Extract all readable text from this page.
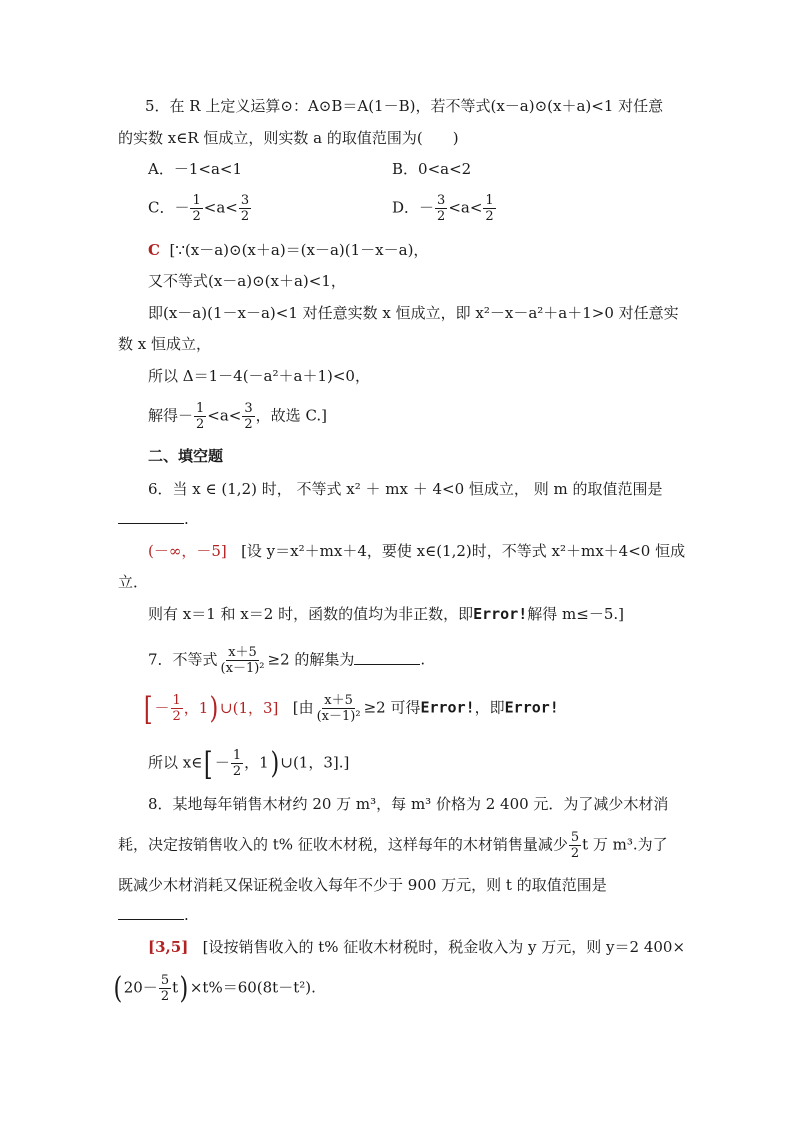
5．在 R 上定义运算⊙：A⊙B＝A(1－B)，若不等式(x－a)⊙(x＋a)<1 对任意
的实数 x∈R 恒成立，则实数 a 的取值范围为(　　)
A．－1<a<1	B．0<a<2
C．－ $\frac{1}{2} <a< \frac{3}{2}$	D．－ $\frac{3}{2} <a< \frac{1}{2}$
C [∵(x－a)⊙(x＋a)＝(x－a)(1－x－a)，
又不等式(x－a)⊙(x＋a)<1，
即(x－a)(1－x－a)<1 对任意实数 x 恒成立，即 x²－x－a²＋a＋1>0 对任意实
数 x 恒成立，
所以 Δ＝1－4(－a²＋a＋1)<0，
解得－ $\frac{1}{2} <a< \frac{3}{2}$ ，故选 C.]
二、填空题
6．当 x ∈ (1,2) 时， 不等式 x² ＋ mx ＋ 4<0 恒成立， 则 m 的取值范围是
.
(－∞，－5] [设 y＝x²＋mx＋4，要使 x∈(1,2)时，不等式 x²＋mx＋4<0 恒成
立．
则有 x＝1 和 x＝2 时，函数的值均为非正数，即Error!解得 m≤－5.]
7．不等式 $\frac{x+5}{\text{(x－1)²}} \ge 2$ 的解集为	.
[ － $\frac{1}{2}$ ，1)∪(1，3] [由 $\frac{x+5}{\text{(x－1)²}} \ge 2$ 可得Error!，即Error!
所以 x∈[ － $\frac{1}{2}$ ，1)∪(1，3].]
8．某地每年销售木材约 20 万 m³，每 m³ 价格为 2 400 元．为了减少木材消
耗，决定按销售收入的 t% 征收木材税，这样每年的木材销售量减少 $\frac{5}{2}$ t 万 m³.为了
既减少木材消耗又保证税金收入每年不少于 900 万元，则 t 的取值范围是
.
[3,5] [设按销售收入的 t% 征收木材税时，税金收入为 y 万元，则 y＝2 400×
$(20- \frac{5}{2} t)\times t\%=60(8t-t^2)$.
